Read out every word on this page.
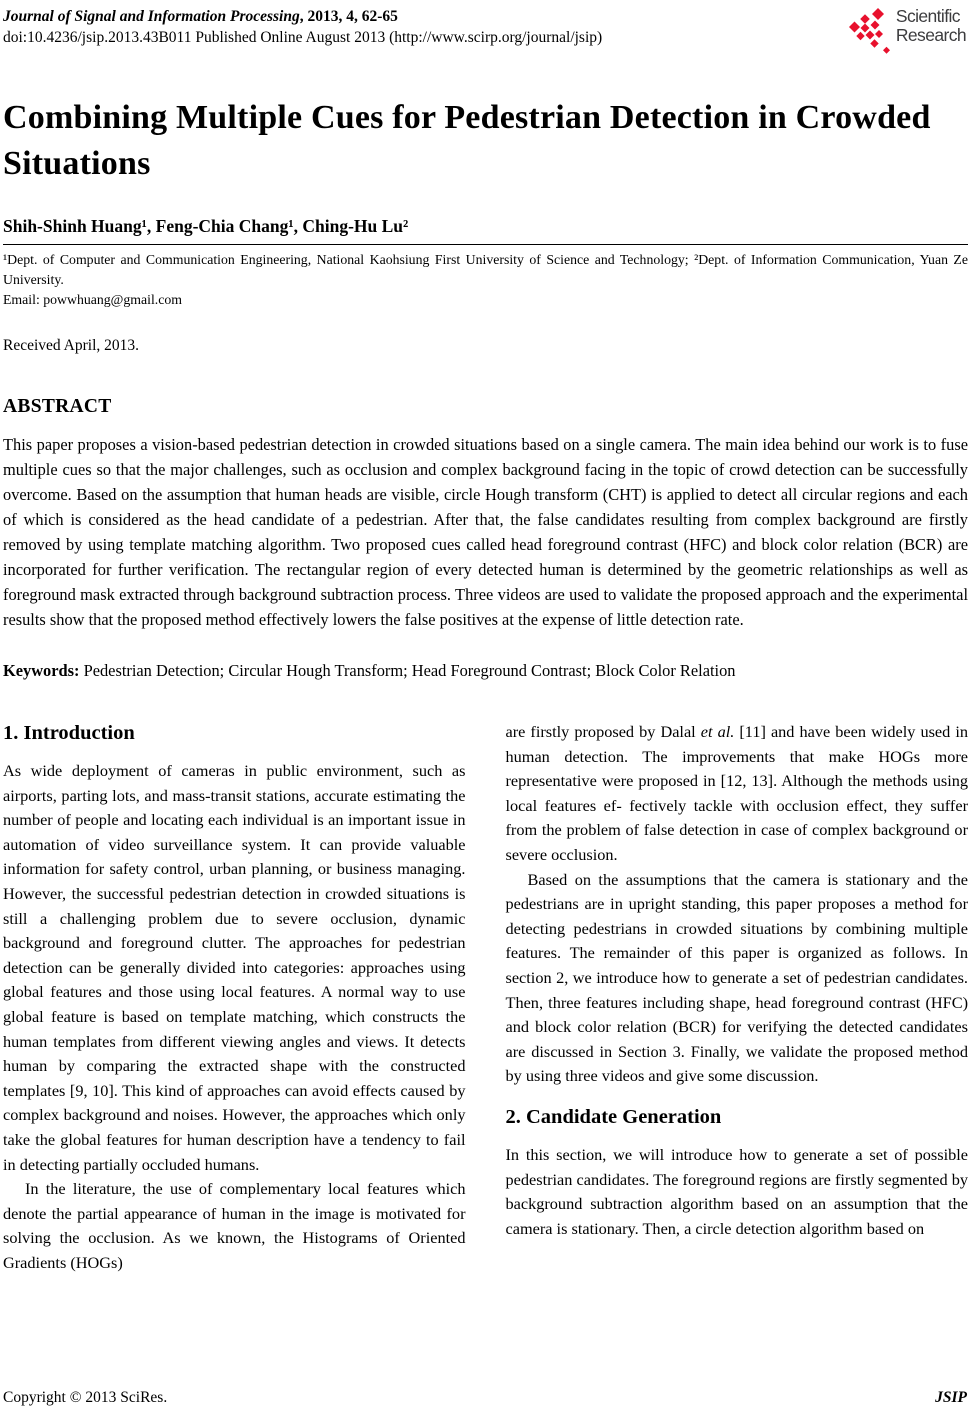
Journal of Signal and Information Processing, 2013, 4, 62-65
doi:10.4236/jsip.2013.43B011 Published Online August 2013 (http://www.scirp.org/journal/jsip)
Scientific
Research
Combining Multiple Cues for Pedestrian Detection in Crowded Situations
Shih-Shinh Huang¹, Feng-Chia Chang¹, Ching-Hu Lu²
¹Dept. of Computer and Communication Engineering, National Kaohsiung First University of Science and Technology; ²Dept. of Information Communication, Yuan Ze University.
Email: powwhuang@gmail.com
Received April, 2013.
ABSTRACT
This paper proposes a vision-based pedestrian detection in crowded situations based on a single camera. The main idea behind our work is to fuse multiple cues so that the major challenges, such as occlusion and complex background facing in the topic of crowd detection can be successfully overcome. Based on the assumption that human heads are visible, circle Hough transform (CHT) is applied to detect all circular regions and each of which is considered as the head candidate of a pedestrian. After that, the false candidates resulting from complex background are firstly removed by using template matching algorithm. Two proposed cues called head foreground contrast (HFC) and block color relation (BCR) are incorporated for further verification. The rectangular region of every detected human is determined by the geometric relationships as well as foreground mask extracted through background subtraction process. Three videos are used to validate the proposed approach and the experimental results show that the proposed method effectively lowers the false positives at the expense of little detection rate.
Keywords: Pedestrian Detection; Circular Hough Transform; Head Foreground Contrast; Block Color Relation
1. Introduction

As wide deployment of cameras in public environment, such as airports, parting lots, and mass-transit stations, accurate estimating the number of people and locating each individual is an important issue in automation of video surveillance system. It can provide valuable information for safety control, urban planning, or business managing. However, the successful pedestrian detection in crowded situations is still a challenging problem due to severe occlusion, dynamic background and foreground clutter. The approaches for pedestrian detection can be generally divided into categories: approaches using global features and those using local features. A normal way to use global feature is based on template matching, which constructs the human templates from different viewing angles and views. It detects human by comparing the extracted shape with the constructed templates [9, 10]. This kind of approaches can avoid effects caused by complex background and noises. However, the approaches which only take the global features for human description have a tendency to fail in detecting partially occluded humans.

In the literature, the use of complementary local features which denote the partial appearance of human in the image is motivated for solving the occlusion. As we known, the Histograms of Oriented Gradients (HOGs)

are firstly proposed by Dalal et al. [11] and have been widely used in human detection. The improvements that make HOGs more representative were proposed in [12, 13]. Although the methods using local features ef- fectively tackle with occlusion effect, they suffer from the problem of false detection in case of complex background or severe occlusion.

Based on the assumptions that the camera is stationary and the pedestrians are in upright standing, this paper proposes a method for detecting pedestrians in crowded situations by combining multiple features. The remainder of this paper is organized as follows. In section 2, we introduce how to generate a set of pedestrian candidates. Then, three features including shape, head foreground contrast (HFC) and block color relation (BCR) for verifying the detected candidates are discussed in Section 3. Finally, we validate the proposed method by using three videos and give some discussion.

2. Candidate Generation

In this section, we will introduce how to generate a set of possible pedestrian candidates. The foreground regions are firstly segmented by background subtraction algorithm based on an assumption that the camera is stationary. Then, a circle detection algorithm based on

Copyright © 2013 SciRes.	JSIP
